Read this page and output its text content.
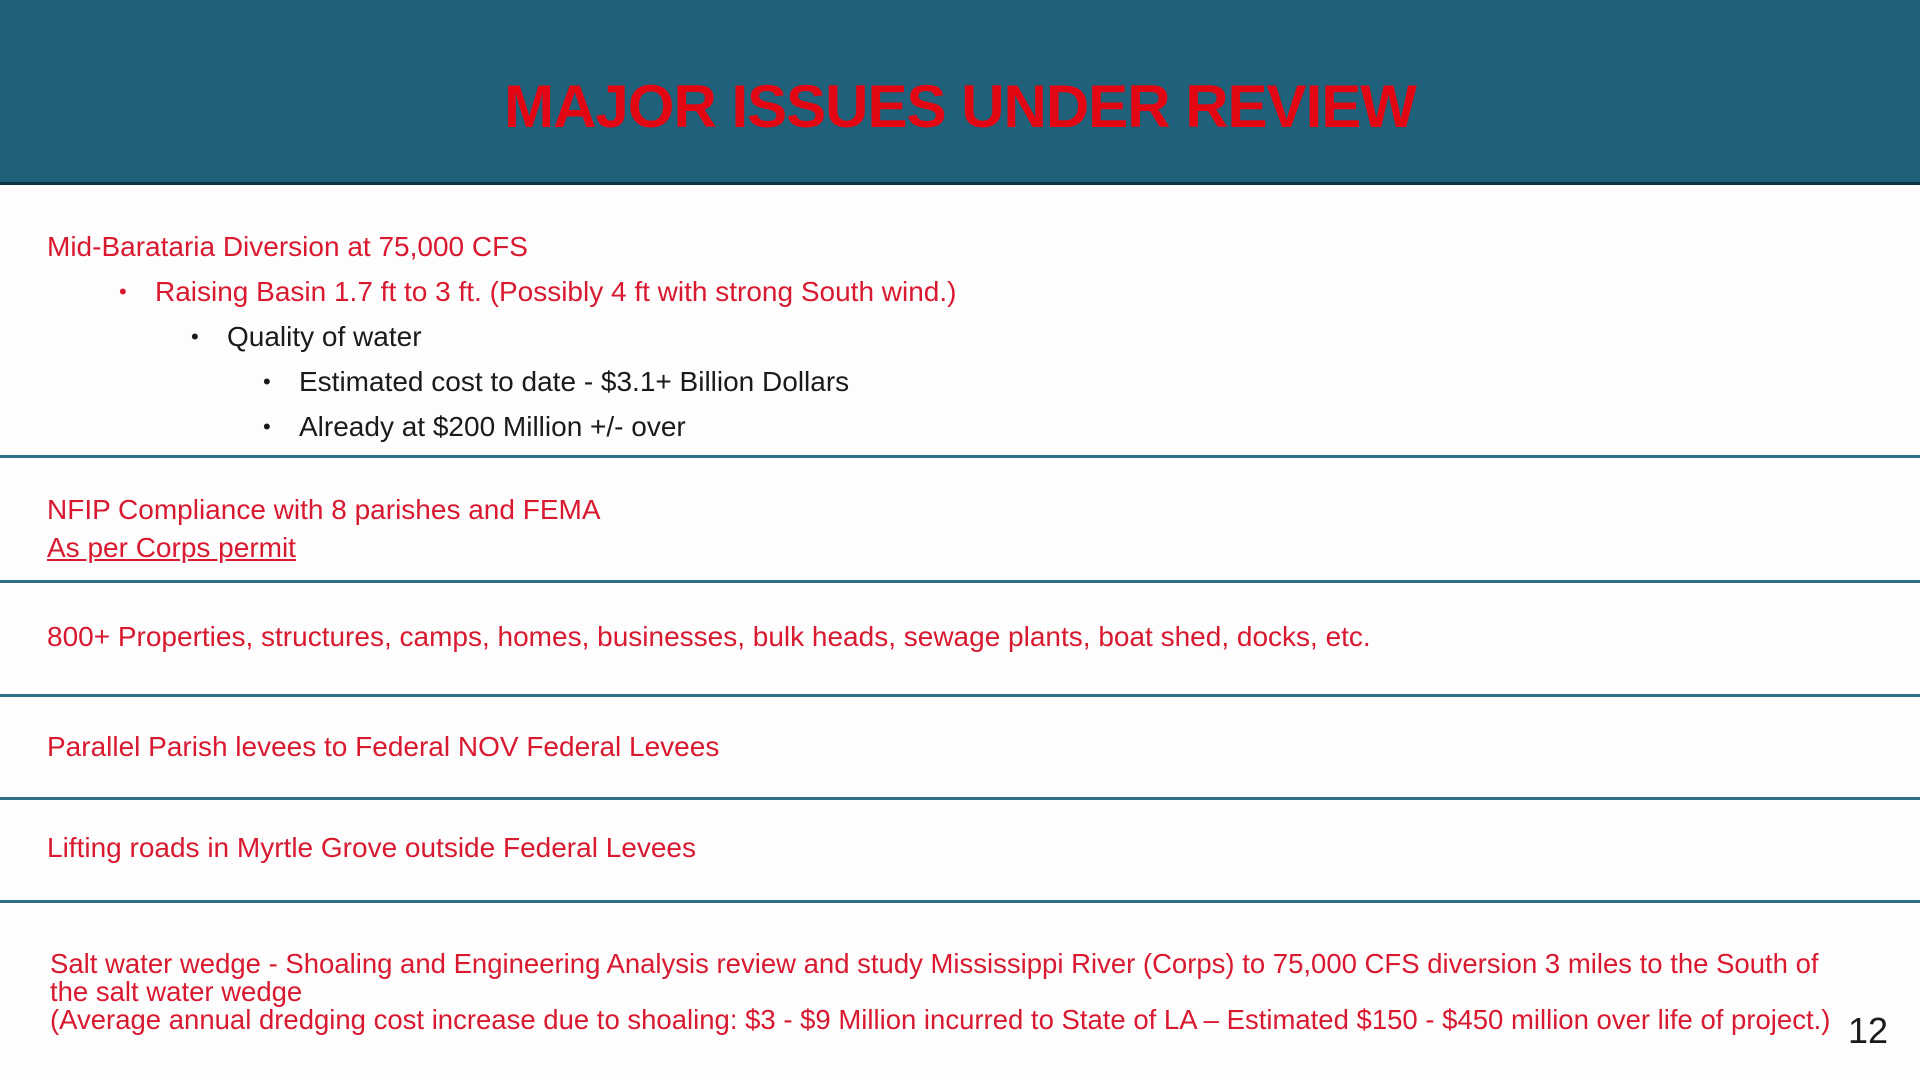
MAJOR ISSUES UNDER REVIEW
Mid-Barataria Diversion at 75,000 CFS
•	Raising Basin 1.7 ft to 3 ft. (Possibly 4 ft with strong South wind.)
•	Quality of water
•	Estimated cost to date - $3.1+ Billion Dollars
•	Already at $200 Million +/- over
NFIP Compliance with 8 parishes and FEMA
As per Corps permit
800+ Properties, structures, camps, homes, businesses, bulk heads, sewage plants, boat shed, docks, etc.
Parallel Parish levees to Federal NOV Federal Levees
Lifting roads in Myrtle Grove outside Federal Levees
Salt water wedge - Shoaling and Engineering Analysis review and study Mississippi River (Corps) to 75,000 CFS diversion 3 miles to the South of the salt water wedge
(Average annual dredging cost increase due to shoaling: $3 - $9 Million incurred to State of LA – Estimated $150 - $450 million over life of project.) 12
